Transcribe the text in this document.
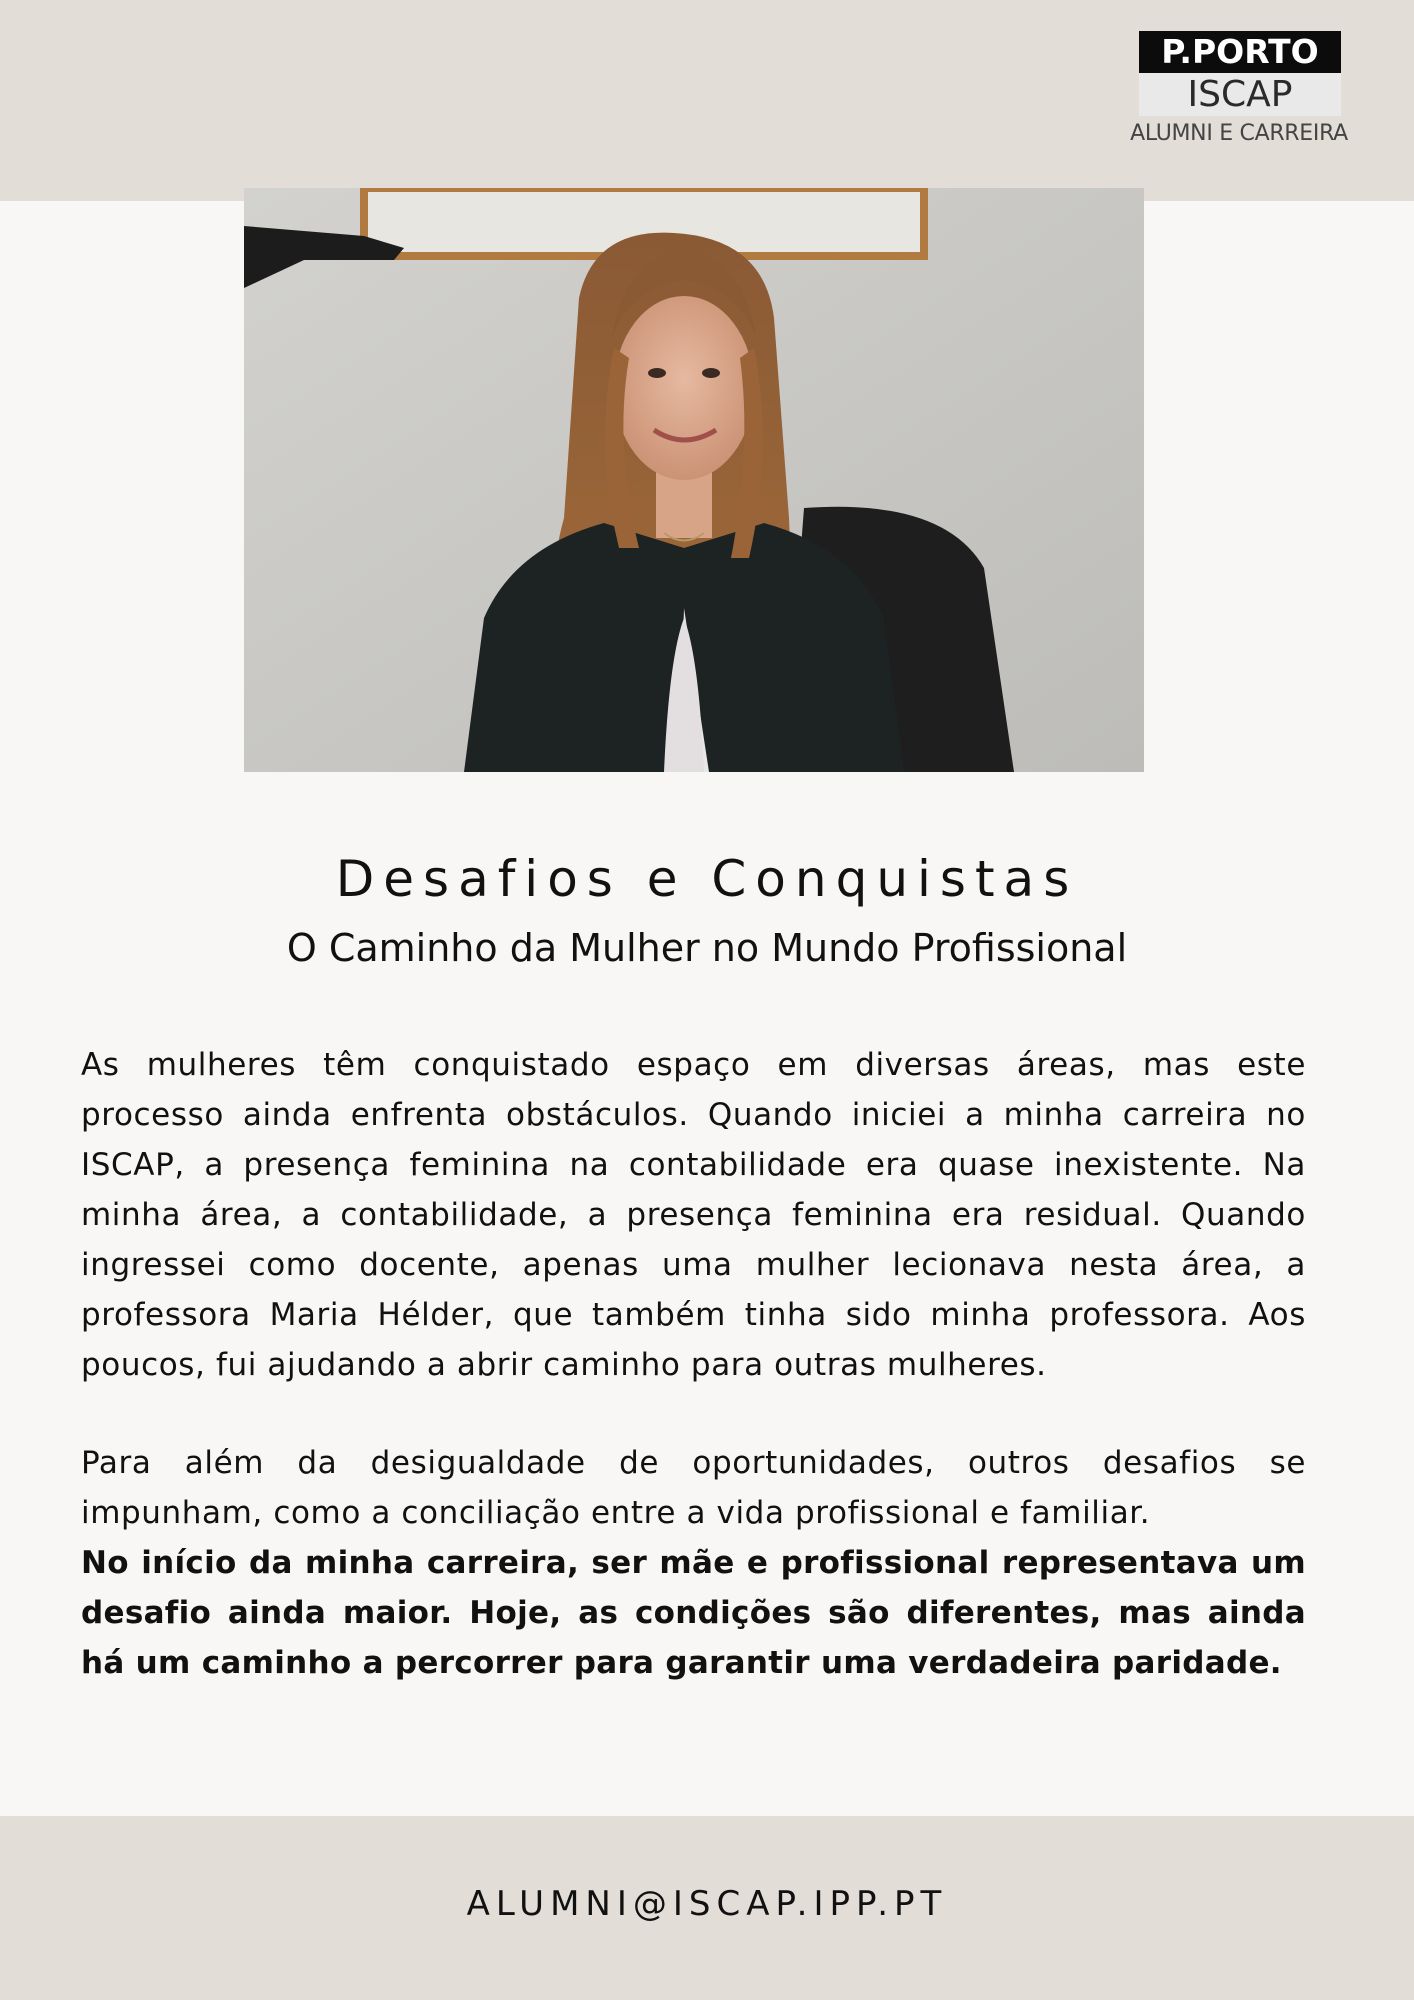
P.PORTO
ISCAP
ALUMNI E CARREIRA
Desafios e Conquistas
O Caminho da Mulher no Mundo Profissional

As mulheres têm conquistado espaço em diversas áreas, mas este processo ainda enfrenta obstáculos. Quando iniciei a minha carreira no ISCAP, a presença feminina na contabilidade era quase inexistente. Na minha área, a contabilidade, a presença feminina era residual. Quando ingressei como docente, apenas uma mulher lecionava nesta área, a professora Maria Hélder, que também tinha sido minha professora. Aos poucos, fui ajudando a abrir caminho para outras mulheres.

Para além da desigualdade de oportunidades, outros desafios se impunham, como a conciliação entre a vida profissional e familiar.

No início da minha carreira, ser mãe e profissional representava um desafio ainda maior. Hoje, as condições são diferentes, mas ainda há um caminho a percorrer para garantir uma verdadeira paridade.

ALUMNI@ISCAP.IPP.PT
